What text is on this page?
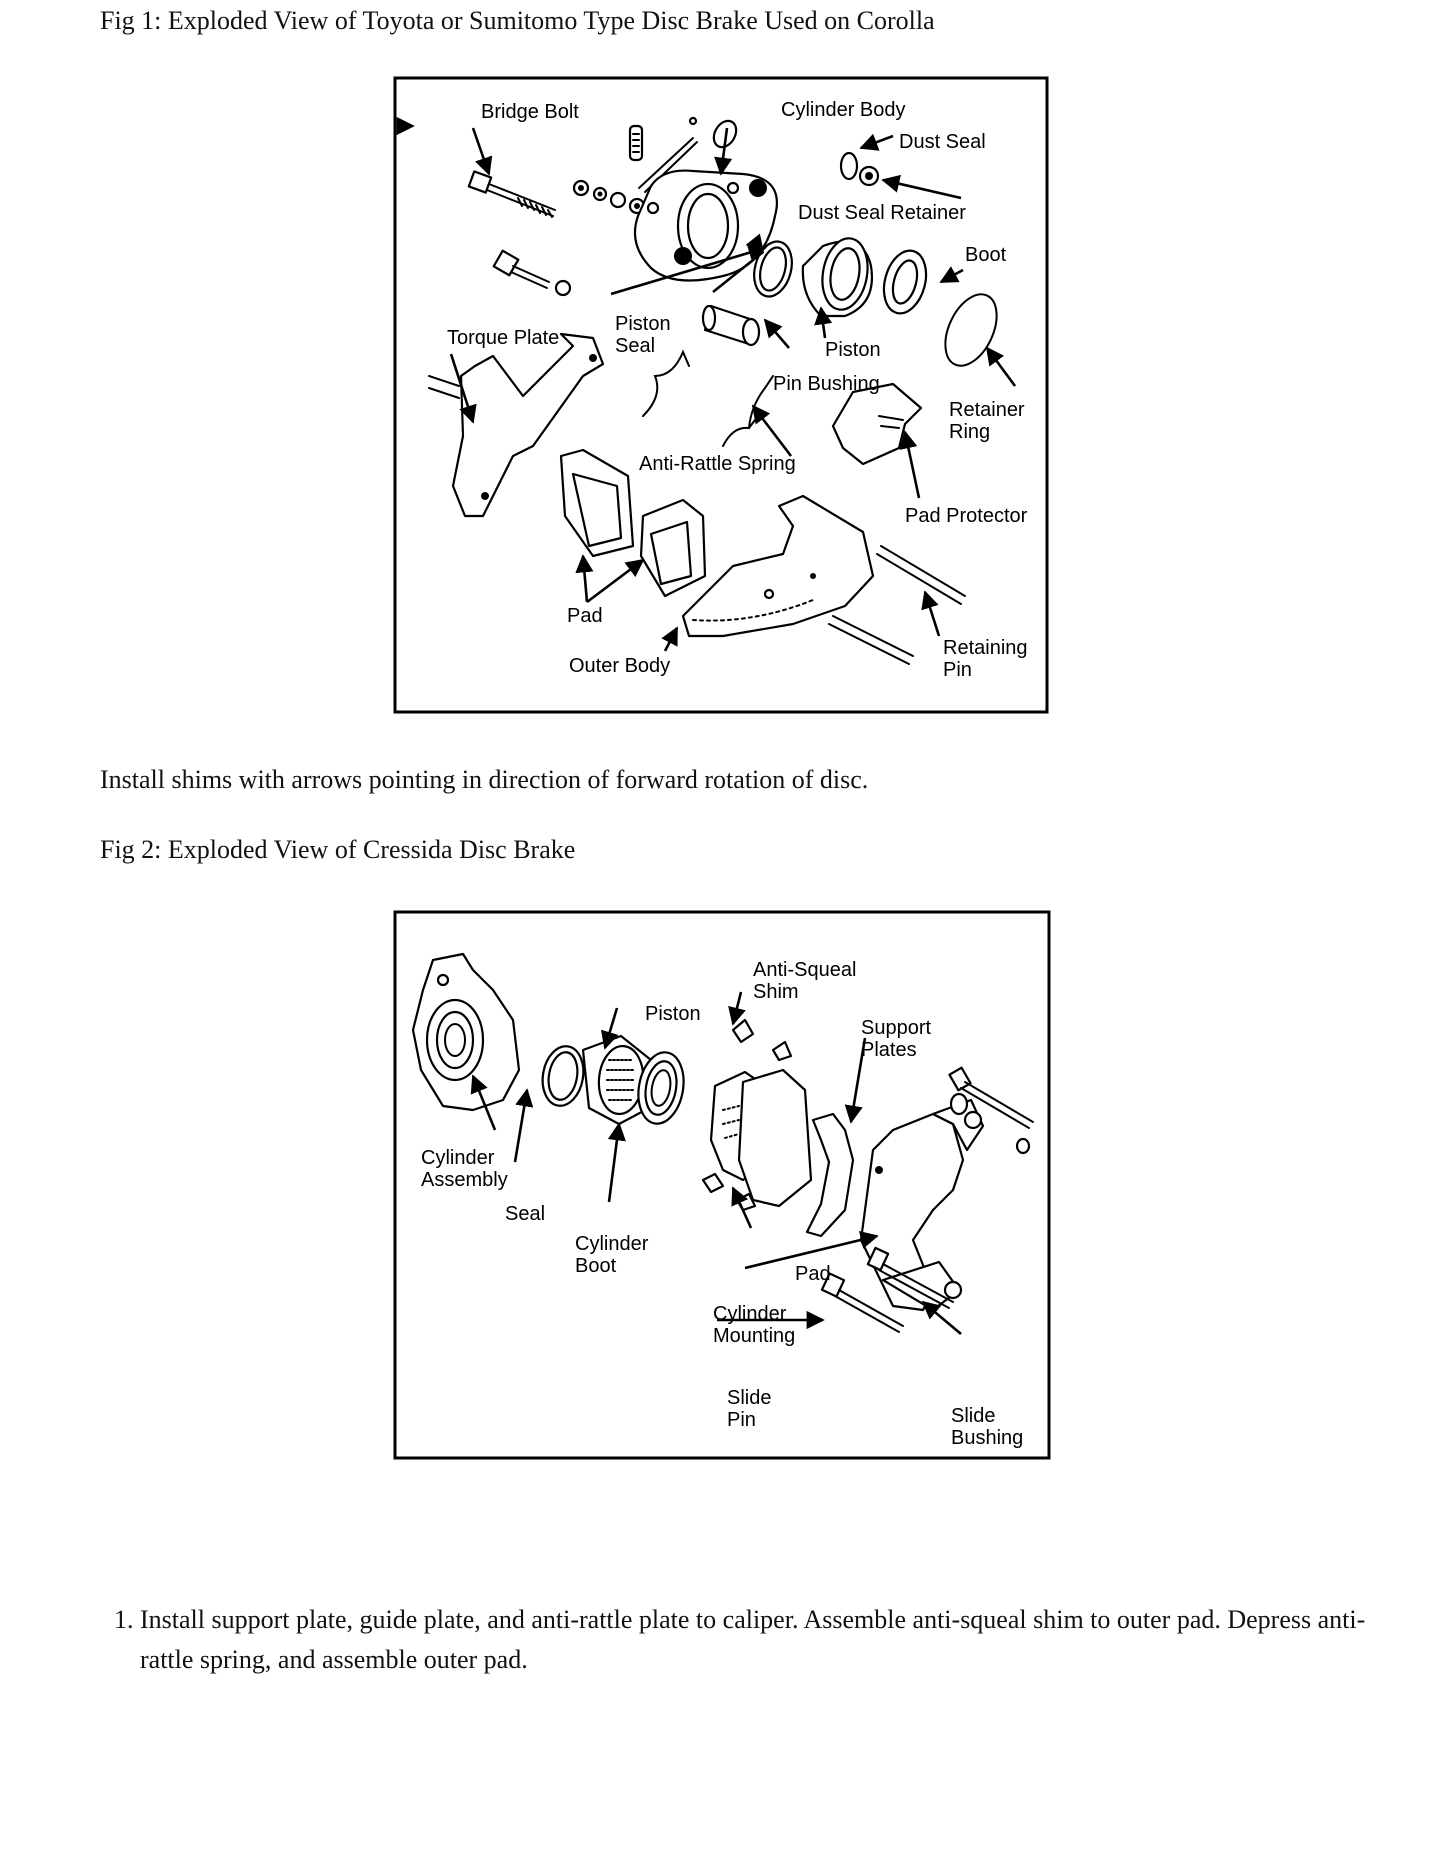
Fig 1: Exploded View of Toyota or Sumitomo Type Disc Brake Used on Corolla
Bridge Bolt	Cylinder Body
Dust Seal
Dust Seal Retainer
Boot
Torque Plate
Piston
Seal	Piston
Pin Bushing
Retainer
Ring
Anti-Rattle Spring
Pad Protector
Pad
Retaining
Pin
Outer Body

Install shims with arrows pointing in direction of forward rotation of disc.

Fig 2: Exploded View of Cressida Disc Brake
Anti-Squeal
Shim
Piston
Support
Plates
Cylinder
Assembly
Seal
Cylinder
Boot	Pad
Cylinder
Mounting
Slide
Pin	Slide
Bushing
1. Install support plate, guide plate, and anti-rattle plate to caliper. Assemble anti-squeal shim to outer pad. Depress anti-rattle spring, and assemble outer pad.
